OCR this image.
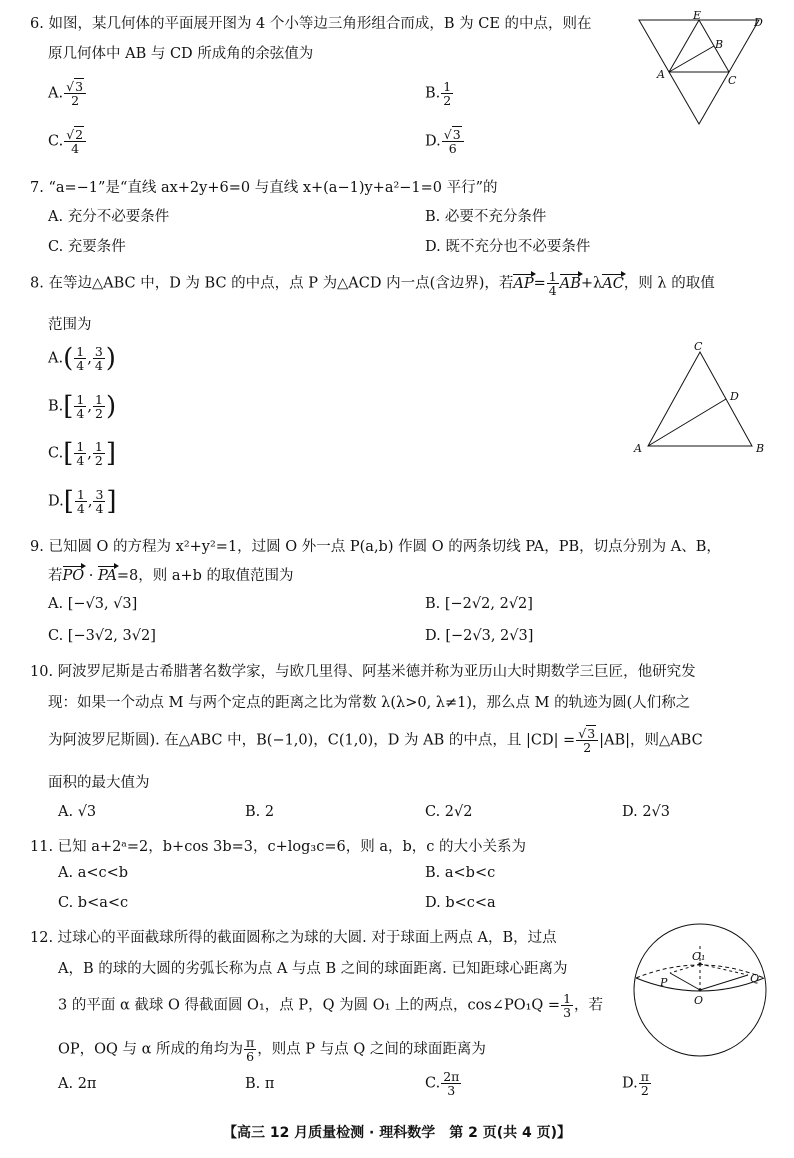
6. 如图，某几何体的平面展开图为 4 个小等边三角形组合而成，B 为 CE 的中点，则在
原几何体中 AB 与 CD 所成角的余弦值为
A. $\frac{√3}{2}$	B. $\frac{1}{2}$
C. $\frac{√2}{4}$	D. $\frac{√3}{6}$
E
D
B
A	C
7. “a=−1”是“直线 ax+2y+6=0 与直线 x+(a−1)y+a²−1=0 平行”的
A. 充分不必要条件	B. 必要不充分条件
C. 充要条件	D. 既不充分也不必要条件
8. 在等边△ABC 中，D 为 BC 的中点，点 P 为△ACD 内一点(含边界)，若$AP= \frac{1}{4} AB+\lambda AC$，则 λ 的取值
范围为
$A.( \frac{1}{4}$ , $\frac{3}{4}$ )
$B.[ \frac{1}{4}$ , $\frac{1}{2}$ )
$C.[ \frac{1}{4}$ , $\frac{1}{2}$ ]
$D.[ \frac{1}{4}$ , $\frac{3}{4}$ ]
C
D
A	B
9. 已知圆 O 的方程为 x²+y²=1，过圆 O 外一点 P(a,b) 作圆 O 的两条切线 PA，PB，切点分别为 A、B，
若PO · PA=8，则 a+b 的取值范围为
A. [−√3, √3]	B. [−2√2, 2√2]
C. [−3√2, 3√2]	D. [−2√3, 2√3]
10. 阿波罗尼斯是古希腊著名数学家，与欧几里得、阿基米德并称为亚历山大时期数学三巨匠，他研究发
现：如果一个动点 M 与两个定点的距离之比为常数 λ(λ>0, λ≠1)，那么点 M 的轨迹为圆(人们称之
为阿波罗尼斯圆). 在△ABC 中，B(−1,0)，C(1,0)，D 为 AB 的中点，且 $|CD| = \frac{√3}{2} |AB|$，则△ABC
面积的最大值为
A. √3	B. 2	C. 2√2	D. 2√3
11. 已知 a+2ᵃ=2，b+cos 3b=3，c+log₃c=6，则 a，b，c 的大小关系为
A. a<c<b	B. a<b<c
C. b<a<c	D. b<c<a
12. 过球心的平面截球所得的截面圆称之为球的大圆. 对于球面上两点 A，B，过点
A，B 的球的大圆的劣弧长称为点 A 与点 B 之间的球面距离. 已知距球心距离为
3 的平面 α 截球 O 得截面圆 O₁，点 P，Q 为圆 O₁ 上的两点，cos∠PO₁Q = $\frac{1}{3}$ ，若
OP，OQ 与 α 所成的角均为 $\frac{\pi}{6}$ ，则点 P 与点 Q 之间的球面距离为
A. 2π	B. π	C. $\frac{2\pi}{3}$	D. $\frac{\pi}{2}$
O₁
P	Q
O
【高三 12 月质量检测 · 理科数学　第 2 页(共 4 页)】
